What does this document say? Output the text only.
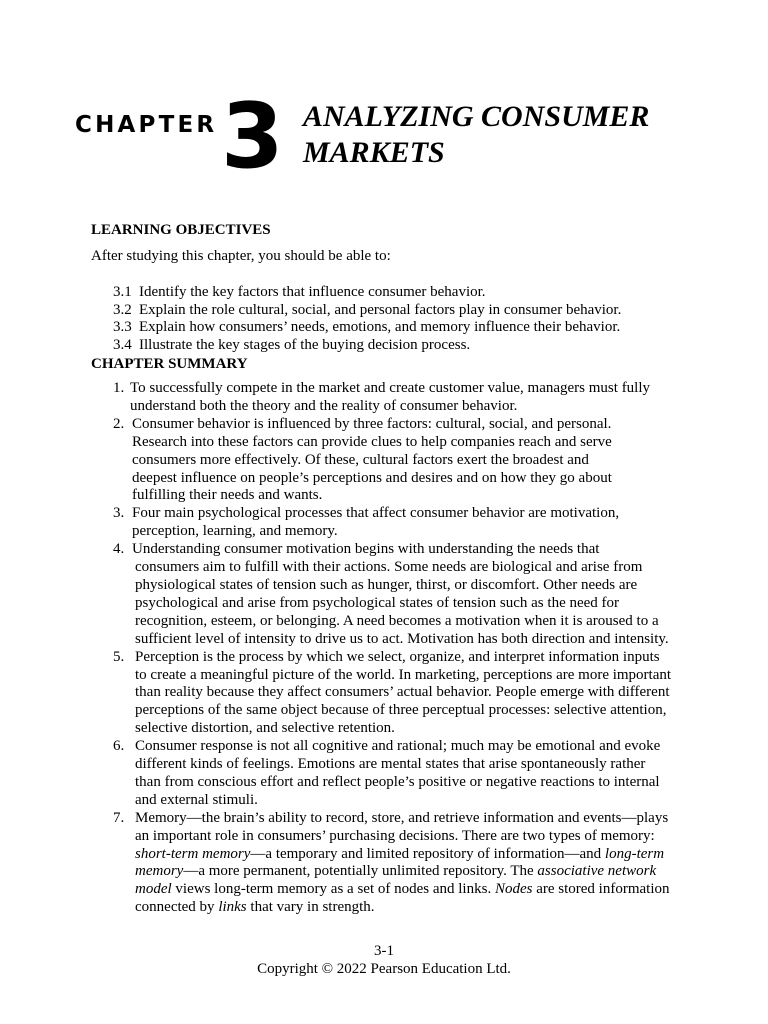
CHAPTER 3 ANALYZING CONSUMER
MARKETS
LEARNING OBJECTIVES
After studying this chapter, you should be able to:
3.1 Identify the key factors that influence consumer behavior.
3.2 Explain the role cultural, social, and personal factors play in consumer behavior.
3.3 Explain how consumers’ needs, emotions, and memory influence their behavior.
3.4 Illustrate the key stages of the buying decision process.
CHAPTER SUMMARY
1. To successfully compete in the market and create customer value, managers must fully
understand both the theory and the reality of consumer behavior.
2. Consumer behavior is influenced by three factors: cultural, social, and personal.
Research into these factors can provide clues to help companies reach and serve
consumers more effectively. Of these, cultural factors exert the broadest and
deepest influence on people’s perceptions and desires and on how they go about
fulfilling their needs and wants.
3. Four main psychological processes that affect consumer behavior are motivation,
perception, learning, and memory.
4. Understanding consumer motivation begins with understanding the needs that
consumers aim to fulfill with their actions. Some needs are biological and arise from
physiological states of tension such as hunger, thirst, or discomfort. Other needs are
psychological and arise from psychological states of tension such as the need for
recognition, esteem, or belonging. A need becomes a motivation when it is aroused to a
sufficient level of intensity to drive us to act. Motivation has both direction and intensity.
5. Perception is the process by which we select, organize, and interpret information inputs
to create a meaningful picture of the world. In marketing, perceptions are more important
than reality because they affect consumers’ actual behavior. People emerge with different
perceptions of the same object because of three perceptual processes: selective attention,
selective distortion, and selective retention.
6. Consumer response is not all cognitive and rational; much may be emotional and evoke
different kinds of feelings. Emotions are mental states that arise spontaneously rather
than from conscious effort and reflect people’s positive or negative reactions to internal
and external stimuli.
7. Memory—the brain’s ability to record, store, and retrieve information and events—plays
an important role in consumers’ purchasing decisions. There are two types of memory:
short-term memory—a temporary and limited repository of information—and long-term
memory—a more permanent, potentially unlimited repository. The associative network
model views long-term memory as a set of nodes and links. Nodes are stored information
connected by links that vary in strength.
3-1
Copyright © 2022 Pearson Education Ltd.
